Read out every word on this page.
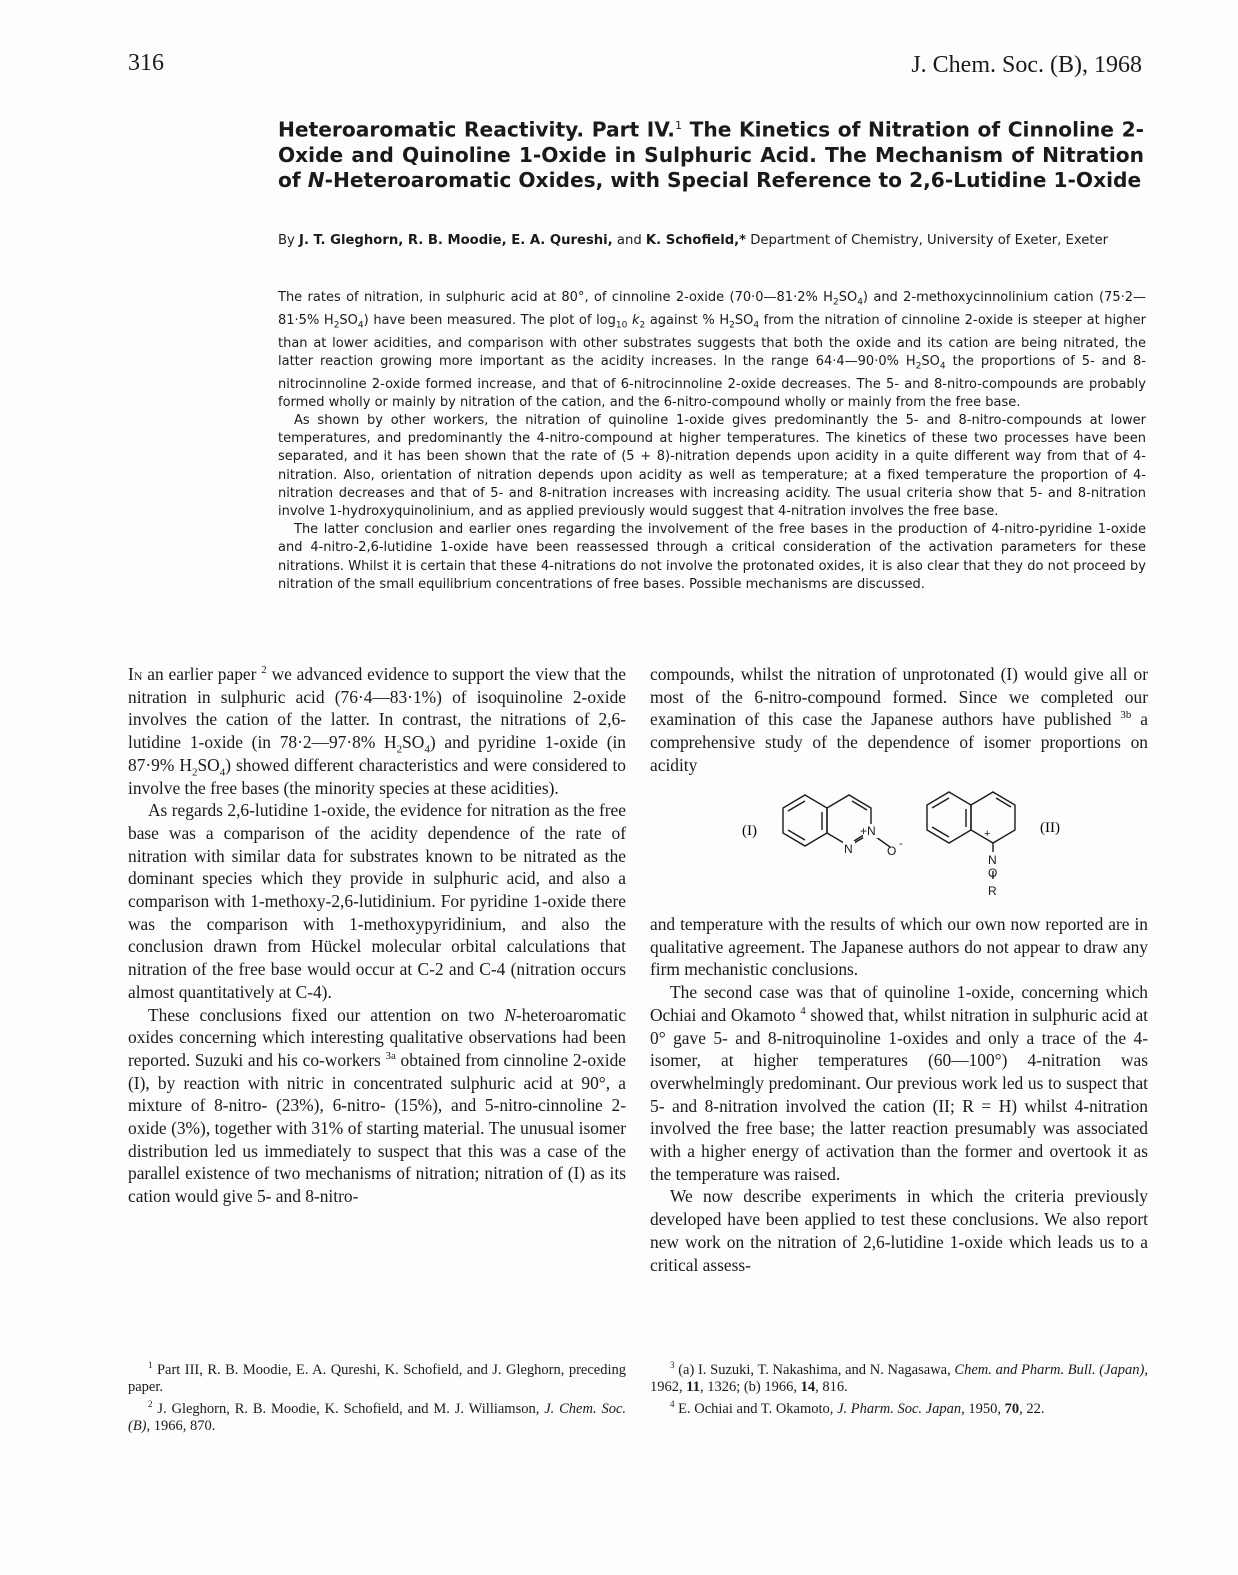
316	J. Chem. Soc. (B), 1968
Heteroaromatic Reactivity. Part IV.$^1$ The Kinetics of Nitration of Cinnoline 2-Oxide and Quinoline 1-Oxide in Sulphuric Acid. The Mechanism of Nitration of N-Heteroaromatic Oxides, with Special Reference to 2,6-Lutidine 1-Oxide
By J. T. Gleghorn, R. B. Moodie, E. A. Qureshi, and K. Schofield,* Department of Chemistry, University of Exeter, Exeter

The rates of nitration, in sulphuric acid at 80°, of cinnoline 2-oxide (70·0—81·2% $H_2SO_4$) and 2-methoxycinnolinium cation (75·2—81·5% $H_2SO_4$) have been measured. The plot of $\log_{10} k_2$ against % $H_2SO_4$ from the nitration of cinnoline 2-oxide is steeper at higher than at lower acidities, and comparison with other substrates suggests that both the oxide and its cation are being nitrated, the latter reaction growing more important as the acidity increases. In the range 64·4—90·0% $H_2SO_4$ the proportions of 5- and 8-nitrocinnoline 2-oxide formed increase, and that of 6-nitrocinnoline 2-oxide decreases. The 5- and 8-nitro-compounds are probably formed wholly or mainly by nitration of the cation, and the 6-nitro-compound wholly or mainly from the free base.

As shown by other workers, the nitration of quinoline 1-oxide gives predominantly the 5- and 8-nitro-compounds at lower temperatures, and predominantly the 4-nitro-compound at higher temperatures. The kinetics of these two processes have been separated, and it has been shown that the rate of (5 + 8)-nitration depends upon acidity in a quite different way from that of 4-nitration. Also, orientation of nitration depends upon acidity as well as temperature; at a fixed temperature the proportion of 4-nitration decreases and that of 5- and 8-nitration increases with increasing acidity. The usual criteria show that 5- and 8-nitration involve 1-hydroxyquinolinium, and as applied previously would suggest that 4-nitration involves the free base.

The latter conclusion and earlier ones regarding the involvement of the free bases in the production of 4-nitro-pyridine 1-oxide and 4-nitro-2,6-lutidine 1-oxide have been reassessed through a critical consideration of the activation parameters for these nitrations. Whilst it is certain that these 4-nitrations do not involve the protonated oxides, it is also clear that they do not proceed by nitration of the small equilibrium concentrations of free bases. Possible mechanisms are discussed.

In an earlier paper $^2$ we advanced evidence to support the view that the nitration in sulphuric acid (76·4—83·1%) of isoquinoline 2-oxide involves the cation of the latter. In contrast, the nitrations of 2,6-lutidine 1-oxide (in 78·2—97·8% $H_2SO_4$) and pyridine 1-oxide (in 87·9% $H_2SO_4$) showed different characteristics and were considered to involve the free bases (the minority species at these acidities).

As regards 2,6-lutidine 1-oxide, the evidence for nitration as the free base was a comparison of the acidity dependence of the rate of nitration with similar data for substrates known to be nitrated as the dominant species which they provide in sulphuric acid, and also a comparison with 1-methoxy-2,6-lutidinium. For pyridine 1-oxide there was the comparison with 1-methoxypyridinium, and also the conclusion drawn from Hückel molecular orbital calculations that nitration of the free base would occur at C-2 and C-4 (nitration occurs almost quantitatively at C-4).

These conclusions fixed our attention on two N-heteroaromatic oxides concerning which interesting qualitative observations had been reported. Suzuki and his co-workers $^{3a}$ obtained from cinnoline 2-oxide (I), by reaction with nitric in concentrated sulphuric acid at 90°, a mixture of 8-nitro- (23%), 6-nitro- (15%), and 5-nitro-cinnoline 2-oxide (3%), together with 31% of starting material. The unusual isomer distribution led us immediately to suspect that this was a case of the parallel existence of two mechanisms of nitration; nitration of (I) as its cation would give 5- and 8-nitro-

compounds, whilst the nitration of unprotonated (I) would give all or most of the 6-nitro-compound formed. Since we completed our examination of this case the Japanese authors have published $^{3b}$ a comprehensive study of the dependence of isomer proportions on acidity

(I)	(II)
+N
N	O -
+
N
O
R

and temperature with the results of which our own now reported are in qualitative agreement. The Japanese authors do not appear to draw any firm mechanistic conclusions.

The second case was that of quinoline 1-oxide, concerning which Ochiai and Okamoto $^4$ showed that, whilst nitration in sulphuric acid at 0° gave 5- and 8-nitroquinoline 1-oxides and only a trace of the 4-isomer, at higher temperatures (60—100°) 4-nitration was overwhelmingly predominant. Our previous work led us to suspect that 5- and 8-nitration involved the cation (II; R = H) whilst 4-nitration involved the free base; the latter reaction presumably was associated with a higher energy of activation than the former and overtook it as the temperature was raised.

We now describe experiments in which the criteria previously developed have been applied to test these conclusions. We also report new work on the nitration of 2,6-lutidine 1-oxide which leads us to a critical assess-

$^1$ Part III, R. B. Moodie, E. A. Qureshi, K. Schofield, and J. Gleghorn, preceding paper.

$^2$ J. Gleghorn, R. B. Moodie, K. Schofield, and M. J. Williamson, J. Chem. Soc. (B), 1966, 870.

$^3$ (a) I. Suzuki, T. Nakashima, and N. Nagasawa, Chem. and Pharm. Bull. (Japan), 1962, 11, 1326; (b) 1966, 14, 816.

$^4$ E. Ochiai and T. Okamoto, J. Pharm. Soc. Japan, 1950, 70, 22.
